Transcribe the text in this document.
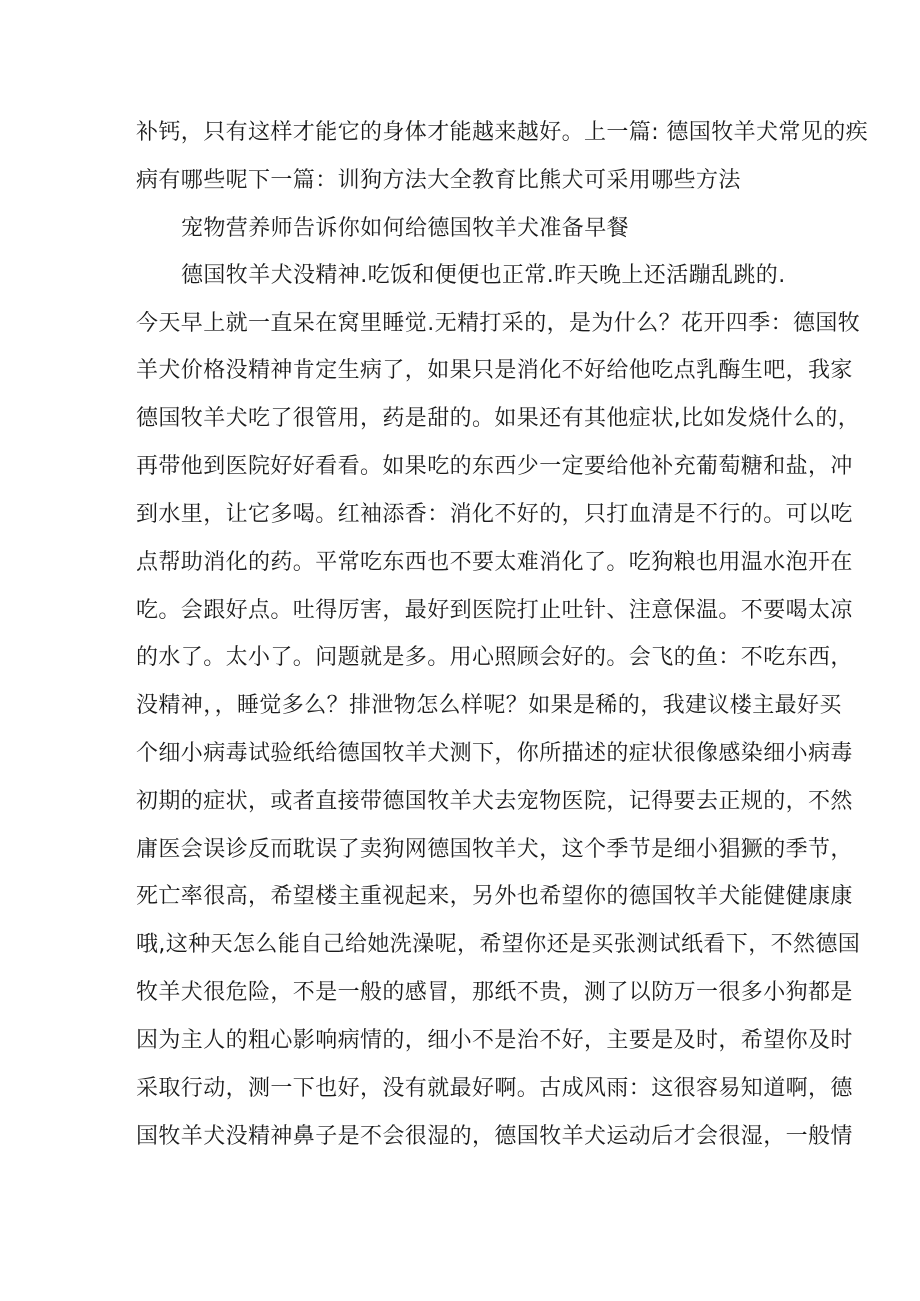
补钙，只有这样才能它的身体才能越来越好。上一篇: 德国牧羊犬常见的疾
病有哪些呢下一篇：训狗方法大全教育比熊犬可采用哪些方法
宠物营养师告诉你如何给德国牧羊犬准备早餐
德国牧羊犬没精神.吃饭和便便也正常.昨天晚上还活蹦乱跳的.
今天早上就一直呆在窝里睡觉.无精打采的，是为什么？花开四季：德国牧
羊犬价格没精神肯定生病了，如果只是消化不好给他吃点乳酶生吧，我家
德国牧羊犬吃了很管用，药是甜的。如果还有其他症状,比如发烧什么的，
再带他到医院好好看看。如果吃的东西少一定要给他补充葡萄糖和盐，冲
到水里，让它多喝。红袖添香：消化不好的，只打血清是不行的。可以吃
点帮助消化的药。平常吃东西也不要太难消化了。吃狗粮也用温水泡开在
吃。会跟好点。吐得厉害，最好到医院打止吐针、注意保温。不要喝太凉
的水了。太小了。问题就是多。用心照顾会好的。会飞的鱼：不吃东西，
没精神，，睡觉多么？排泄物怎么样呢？如果是稀的，我建议楼主最好买
个细小病毒试验纸给德国牧羊犬测下，你所描述的症状很像感染细小病毒
初期的症状，或者直接带德国牧羊犬去宠物医院，记得要去正规的，不然
庸医会误诊反而耽误了卖狗网德国牧羊犬，这个季节是细小猖獗的季节，
死亡率很高，希望楼主重视起来，另外也希望你的德国牧羊犬能健健康康
哦,这种天怎么能自己给她洗澡呢，希望你还是买张测试纸看下，不然德国
牧羊犬很危险，不是一般的感冒，那纸不贵，测了以防万一很多小狗都是
因为主人的粗心影响病情的，细小不是治不好，主要是及时，希望你及时
采取行动，测一下也好，没有就最好啊。古成风雨：这很容易知道啊，德
国牧羊犬没精神鼻子是不会很湿的，德国牧羊犬运动后才会很湿，一般情
